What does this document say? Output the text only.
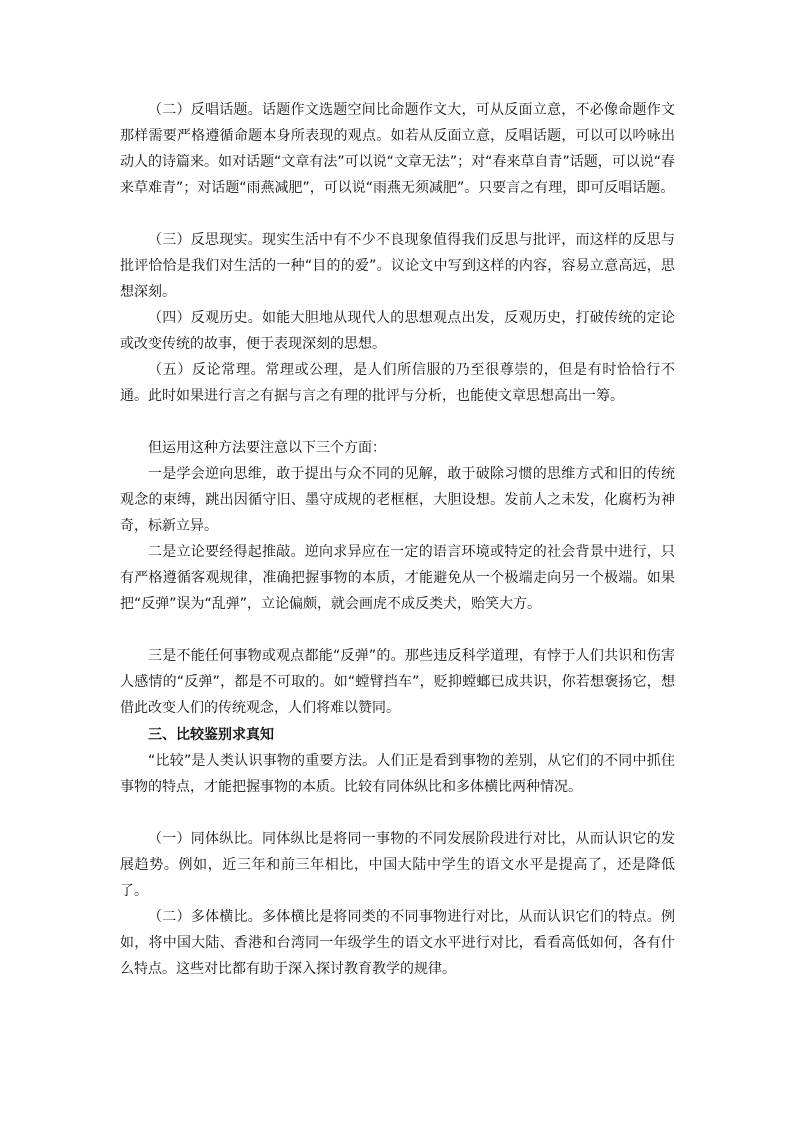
（二）反唱话题。话题作文选题空间比命题作文大，可从反面立意，不必像命题作文那样需要严格遵循命题本身所表现的观点。如若从反面立意，反唱话题，可以可以吟咏出动人的诗篇来。如对话题“文章有法”可以说“文章无法”；对“春来草自青”话题，可以说“春来草难青”；对话题“雨燕减肥”，可以说“雨燕无须减肥”。只要言之有理，即可反唱话题。

（三）反思现实。现实生活中有不少不良现象值得我们反思与批评，而这样的反思与批评恰恰是我们对生活的一种“目的的爱”。议论文中写到这样的内容，容易立意高远，思想深刻。

（四）反观历史。如能大胆地从现代人的思想观点出发，反观历史，打破传统的定论或改变传统的故事，便于表现深刻的思想。

（五）反论常理。常理或公理，是人们所信服的乃至很尊崇的，但是有时恰恰行不通。此时如果进行言之有据与言之有理的批评与分析，也能使文章思想高出一筹。

但运用这种方法要注意以下三个方面：

一是学会逆向思维，敢于提出与众不同的见解，敢于破除习惯的思维方式和旧的传统观念的束缚，跳出因循守旧、墨守成规的老框框，大胆设想。发前人之未发，化腐朽为神奇，标新立异。

二是立论要经得起推敲。逆向求异应在一定的语言环境或特定的社会背景中进行，只有严格遵循客观规律，准确把握事物的本质，才能避免从一个极端走向另一个极端。如果把“反弹”误为“乱弹”，立论偏颇，就会画虎不成反类犬，贻笑大方。

三是不能任何事物或观点都能“反弹”的。那些违反科学道理，有悖于人们共识和伤害人感情的“反弹”，都是不可取的。如“螳臂挡车”，贬抑螳螂已成共识，你若想褒扬它，想借此改变人们的传统观念，人们将难以赞同。

三、比较鉴别求真知

“比较”是人类认识事物的重要方法。人们正是看到事物的差别，从它们的不同中抓住事物的特点，才能把握事物的本质。比较有同体纵比和多体横比两种情况。

（一）同体纵比。同体纵比是将同一事物的不同发展阶段进行对比，从而认识它的发展趋势。例如，近三年和前三年相比，中国大陆中学生的语文水平是提高了，还是降低了。

（二）多体横比。多体横比是将同类的不同事物进行对比，从而认识它们的特点。例如，将中国大陆、香港和台湾同一年级学生的语文水平进行对比，看看高低如何，各有什么特点。这些对比都有助于深入探讨教育教学的规律。
